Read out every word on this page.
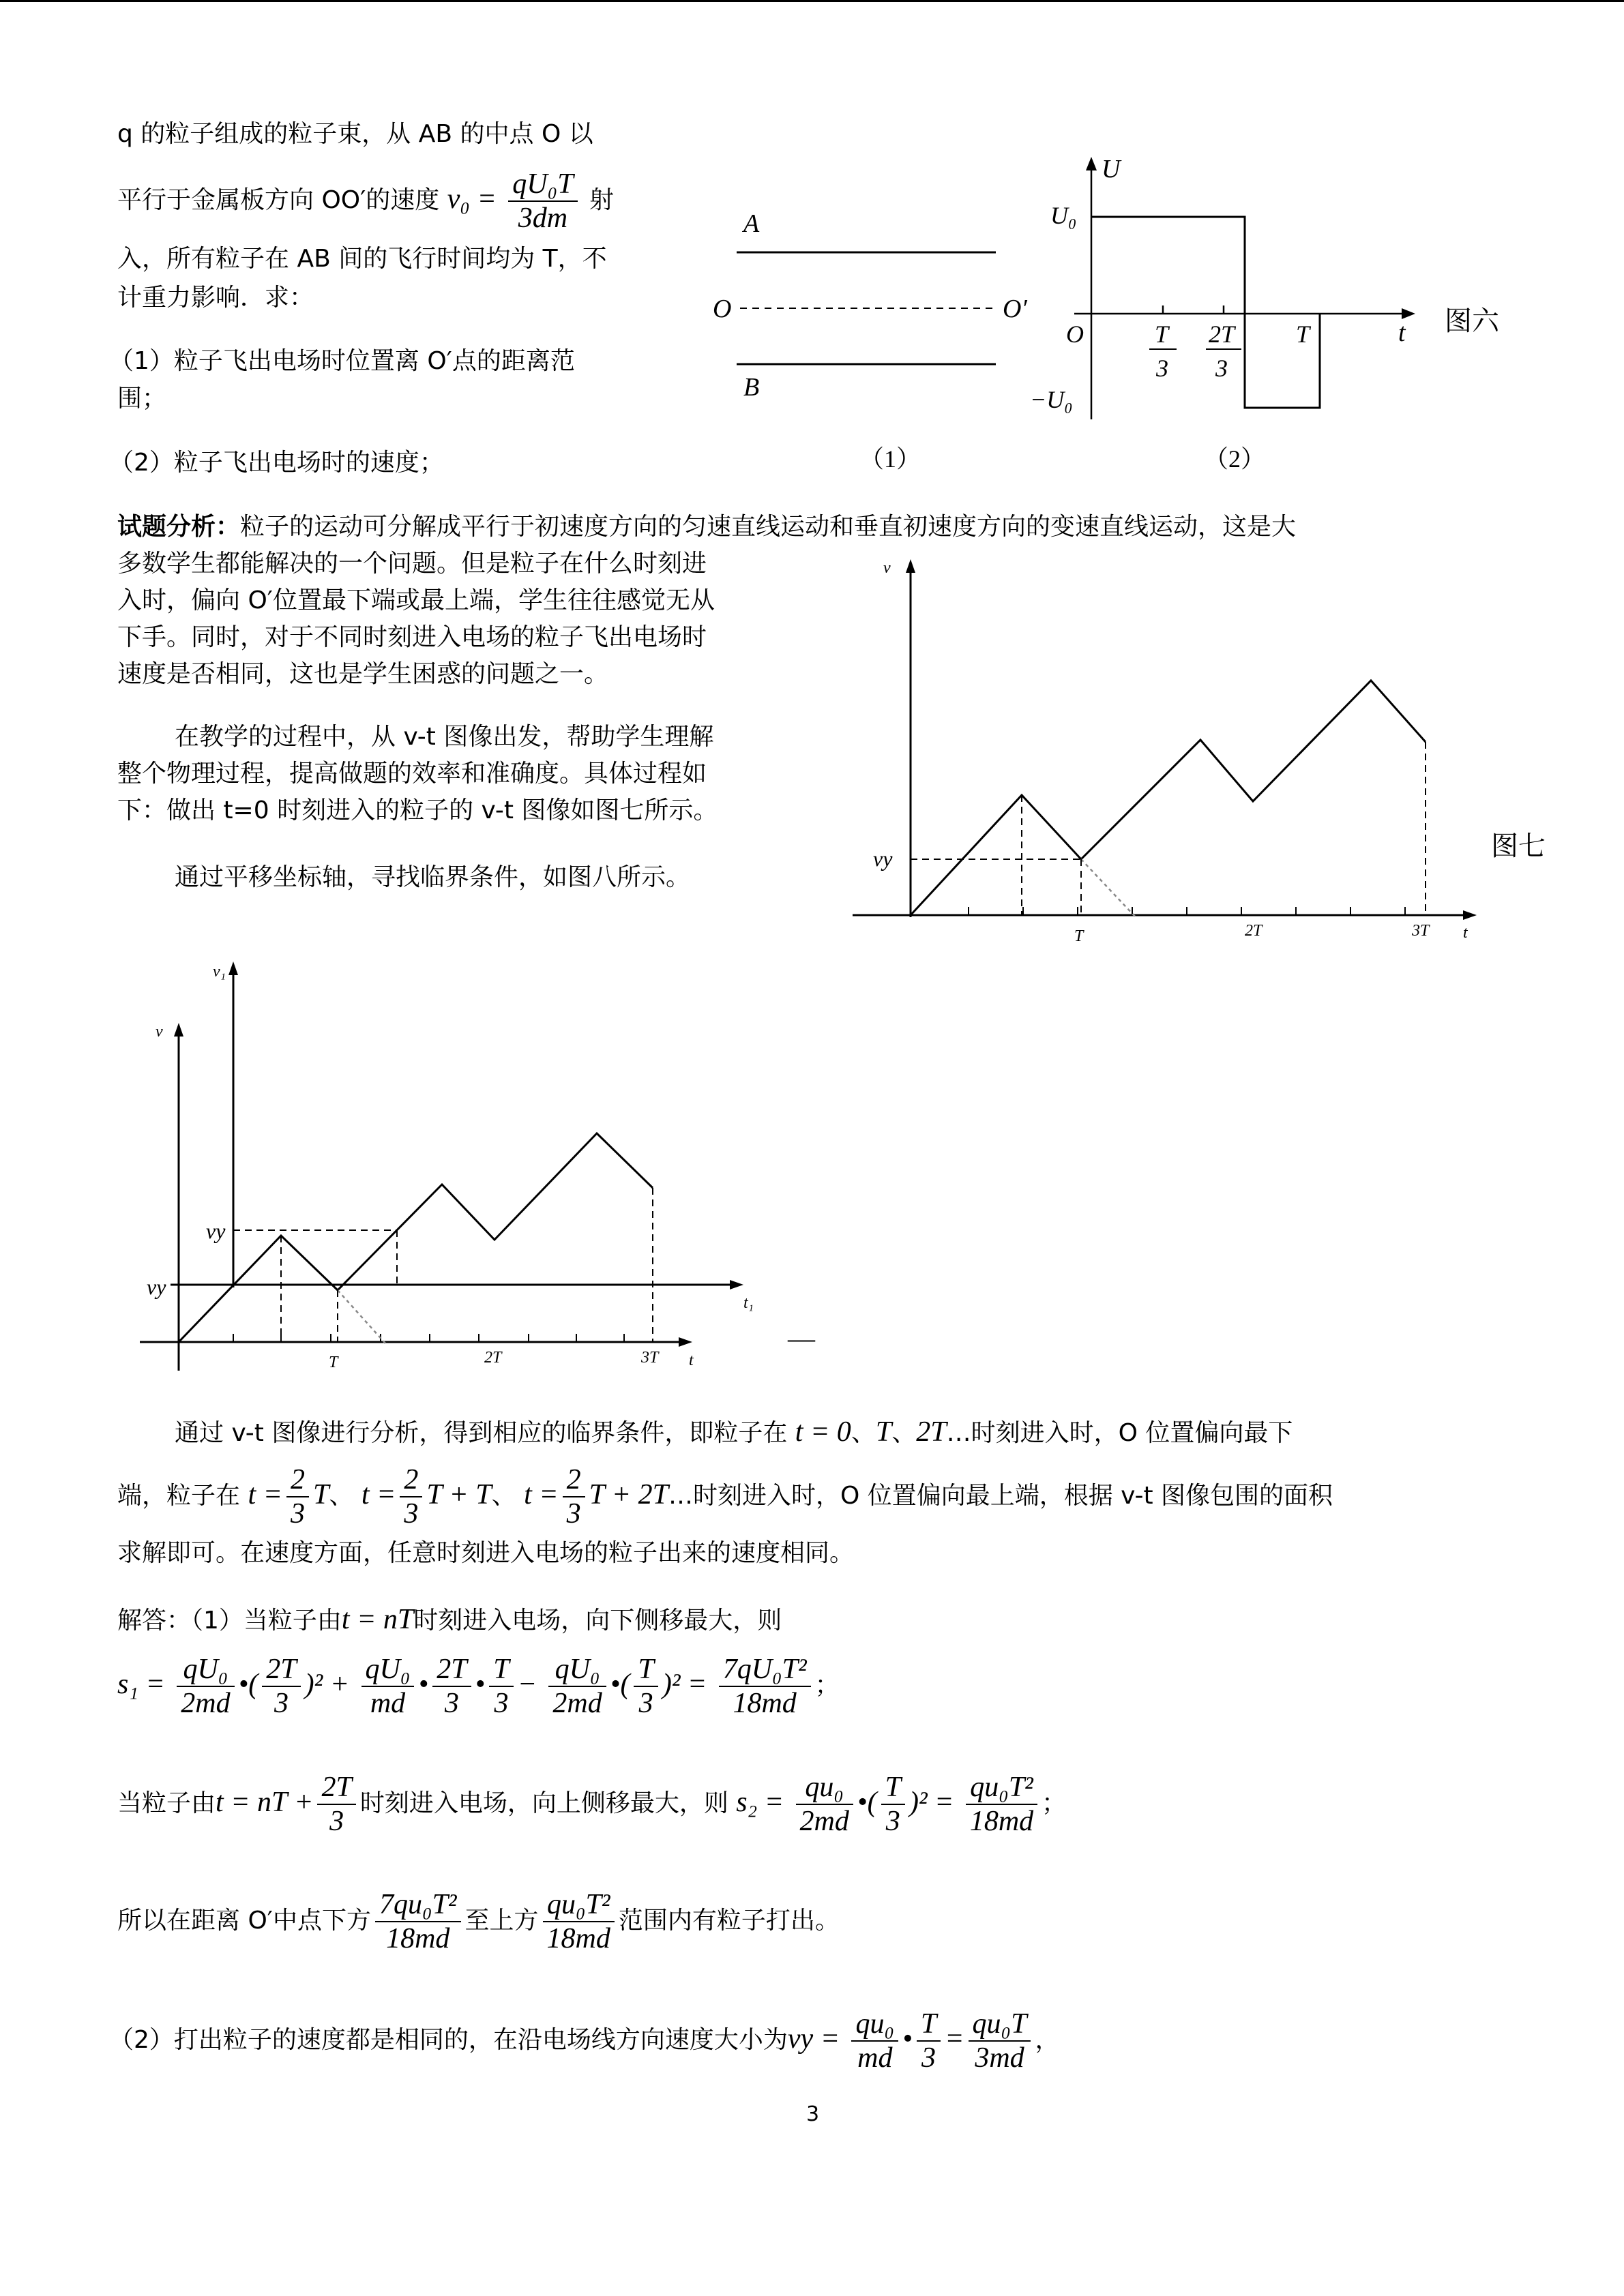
q 的粒子组成的粒子束，从 AB 的中点 O 以
平行于金属板方向 OO′的速度 $v_0 = \frac{\text{qU₀T}}{3dm}$ 射
入，所有粒子在 AB 间的飞行时间均为 T，不
计重力影响．求：
（1）粒子飞出电场时位置离 O′点的距离范
围；
（2）粒子飞出电场时的速度；
A
O	O′
B
（1）
U
t
O
U₀
−U₀
T
3
2T
3
T
（2）
图六
试题分析：粒子的运动可分解成平行于初速度方向的匀速直线运动和垂直初速度方向的变速直线运动，这是大
多数学生都能解决的一个问题。但是粒子在什么时刻进
入时，偏向 O′位置最下端或最上端，学生往往感觉无从
下手。同时，对于不同时刻进入电场的粒子飞出电场时
速度是否相同，这也是学生困惑的问题之一。
在教学的过程中，从 v-t 图像出发，帮助学生理解
整个物理过程，提高做题的效率和准确度。具体过程如
下：做出 t=0 时刻进入的粒子的 v-t 图像如图七所示。
通过平移坐标轴，寻找临界条件，如图八所示。
v
t
vy
T	2T	3T
图七
v
t
v₁
t₁
vy
vy
T	2T	3T
—
通过 v-t 图像进行分析，得到相应的临界条件，即粒子在 t = 0、T、2T…时刻进入时，O 位置偏向最下
端，粒子在 $t = \frac{2}{3}$ T、 $t = \frac{2}{3}$ T + T、 $t = \frac{2}{3}$ T + 2T…时刻进入时，O 位置偏向最上端，根据 v-t 图像包围的面积
求解即可。在速度方面，任意时刻进入电场的粒子出来的速度相同。
解答：（1）当粒子由t = nT时刻进入电场，向下侧移最大，则
$s_1 = \frac{\text{qU₀}}{2md}$ •( $\frac{2T}{3} )^2 + \frac{\text{qU₀}}{md}$ • $\frac{2T}{3}$ • $\frac{T}{3} - \frac{\text{qU₀}}{2md}$ •( $\frac{T}{3} )^2 = \frac{\text{7qU₀T²}}{18md}$ ；
当粒子由t = nT + $\frac{2T}{3}$ 时刻进入电场，向上侧移最大，则 $s_2 = \frac{\text{qu₀}}{2md}$ •( $\frac{T}{3} )^2 = \frac{\text{qu₀T²}}{18md}$ ；
所以在距离 O′中点下方 $\frac{\text{7qu₀T²}}{18md}$ 至上方 $\frac{\text{qu₀T²}}{18md}$ 范围内有粒子打出。
（2）打出粒子的速度都是相同的，在沿电场线方向速度大小为vy = $\frac{\text{qu₀}}{md}$ • $\frac{T}{3} = \frac{\text{qu₀T}}{3md}$ ，
3
